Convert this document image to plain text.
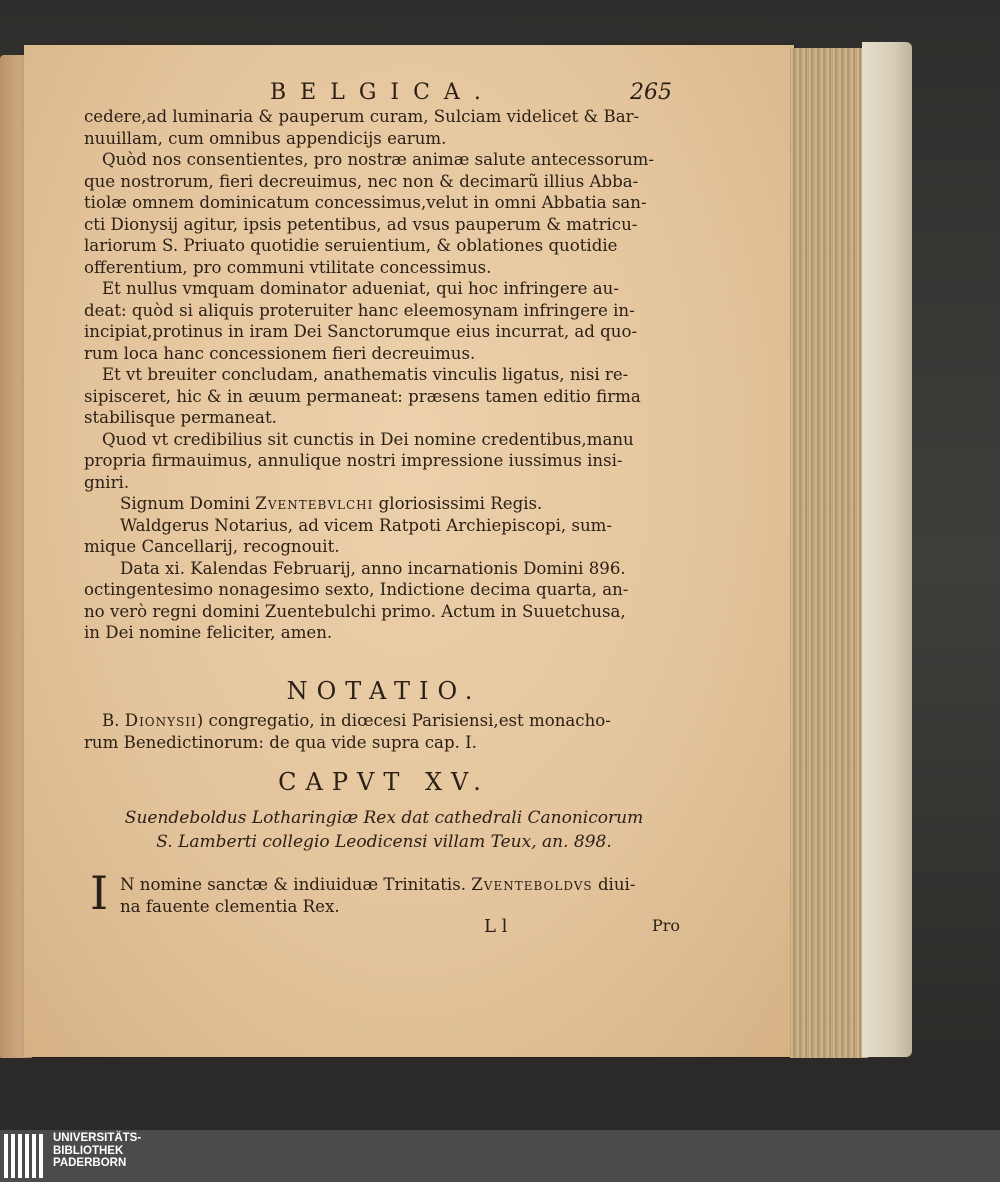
BELGICA.	265
cedere,ad luminaria & pauperum curam, Sulciam videlicet & Bar-
nuuillam, cum omnibus appendicijs earum.
Quòd nos consentientes, pro nostræ animæ salute antecessorum-
que nostrorum, fieri decreuimus, nec non & decimarũ illius Abba-
tiolæ omnem dominicatum concessimus,velut in omni Abbatia san-
cti Dionysij agitur, ipsis petentibus, ad vsus pauperum & matricu-
lariorum S. Priuato quotidie seruientium, & oblationes quotidie
offerentium, pro communi vtilitate concessimus.
Et nullus vmquam dominator adueniat, qui hoc infringere au-
deat: quòd si aliquis proteruiter hanc eleemosynam infringere in-
incipiat,protinus in iram Dei Sanctorumque eius incurrat, ad quo-
rum loca hanc concessionem fieri decreuimus.
Et vt breuiter concludam, anathematis vinculis ligatus, nisi re-
sipisceret, hic & in æuum permaneat: præsens tamen editio firma
stabilisque permaneat.
Quod vt credibilius sit cunctis in Dei nomine credentibus,manu
propria firmauimus, annulique nostri impressione iussimus insi-
gniri.
Signum Domini Zventebvlchi gloriosissimi Regis.
Waldgerus Notarius, ad vicem Ratpoti Archiepiscopi, sum-
mique Cancellarij, recognouit.
Data xi. Kalendas Februarij, anno incarnationis Domini 896.
octingentesimo nonagesimo sexto, Indictione decima quarta, an-
no verò regni domini Zuentebulchi primo. Actum in Suuetchusa,
in Dei nomine feliciter, amen.
NOTATIO.
B. Dionysii) congregatio, in diœcesi Parisiensi,est monacho-
rum Benedictinorum: de qua vide supra cap. I.
CAPVT XV.
Suendeboldus Lotharingiæ Rex dat cathedrali Canonicorum
S. Lamberti collegio Leodicensi villam Teux, an. 898.
I N nomine sanctæ & indiuiduæ Trinitatis. Zventeboldvs diui-
na fauente clementia Rex.
L l	Pro
UNIVERSITÄTS-
BIBLIOTHEK
PADERBORN
